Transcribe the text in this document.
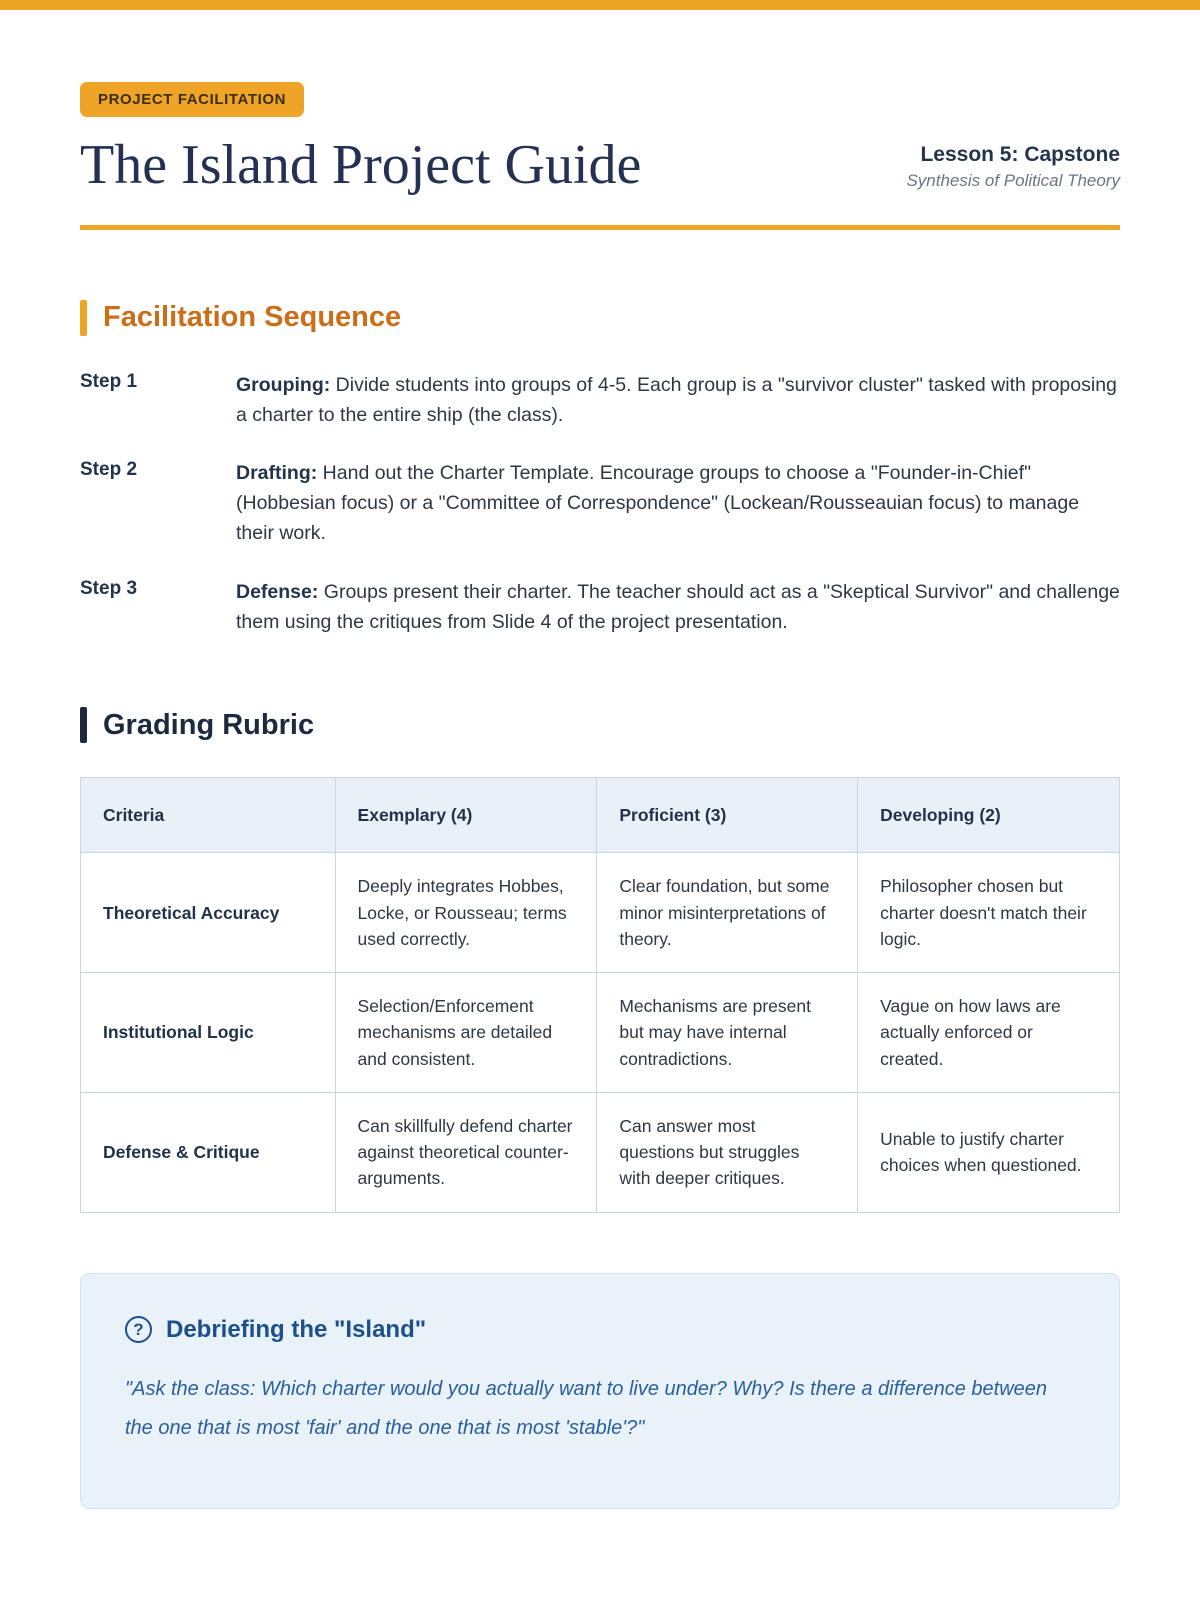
PROJECT FACILITATION
The Island Project Guide	Lesson 5: Capstone
Synthesis of Political Theory
Facilitation Sequence
Step 1	Grouping: Divide students into groups of 4-5. Each group is a "survivor cluster" tasked with proposing a charter to the entire ship (the class).

Step 2	Drafting: Hand out the Charter Template. Encourage groups to choose a "Founder-in-Chief" (Hobbesian focus) or a "Committee of Correspondence" (Lockean/Rousseauian focus) to manage their work.

Step 3	Defense: Groups present their charter. The teacher should act as a "Skeptical Survivor" and challenge them using the critiques from Slide 4 of the project presentation.

Grading Rubric
Criteria	Exemplary (4)	Proficient (3)	Developing (2)
Theoretical Accuracy	Deeply integrates Hobbes, Locke, or Rousseau; terms used correctly.	Clear foundation, but some minor misinterpretations of theory.	Philosopher chosen but charter doesn't match their logic.
Institutional Logic	Selection/Enforcement mechanisms are detailed and consistent.	Mechanisms are present but may have internal contradictions.	Vague on how laws are actually enforced or created.
Defense & Critique	Can skillfully defend charter against theoretical counter-arguments.	Can answer most questions but struggles with deeper critiques.	Unable to justify charter choices when questioned.
? Debriefing the "Island"

"Ask the class: Which charter would you actually want to live under? Why? Is there a difference between the one that is most 'fair' and the one that is most 'stable'?"
